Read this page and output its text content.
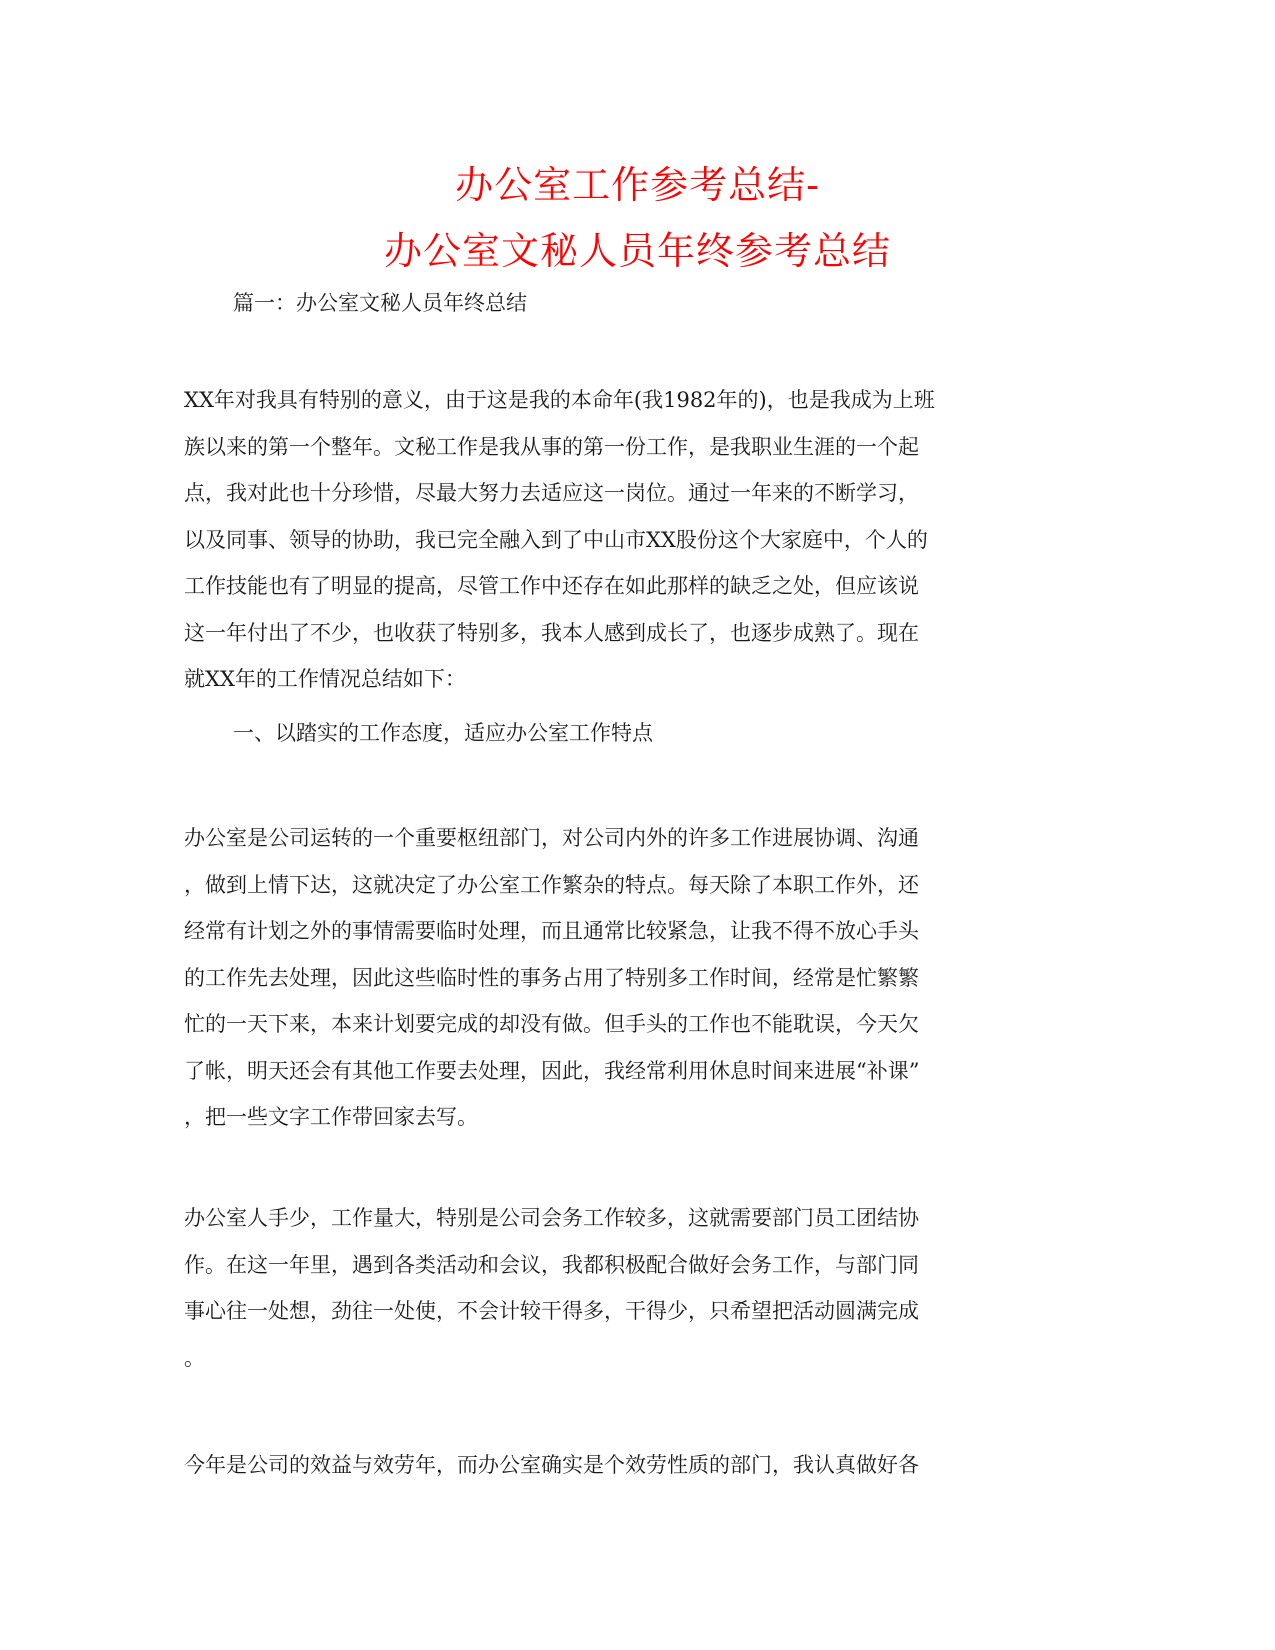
办公室工作参考总结-
办公室文秘人员年终参考总结

篇一：办公室文秘人员年终总结

XX年对我具有特别的意义，由于这是我的本命年(我1982年的)，也是我成为上班
族以来的第一个整年。文秘工作是我从事的第一份工作，是我职业生涯的一个起
点，我对此也十分珍惜，尽最大努力去适应这一岗位。通过一年来的不断学习，
以及同事、领导的协助，我已完全融入到了中山市XX股份这个大家庭中，个人的
工作技能也有了明显的提高，尽管工作中还存在如此那样的缺乏之处，但应该说
这一年付出了不少，也收获了特别多，我本人感到成长了，也逐步成熟了。现在
就XX年的工作情况总结如下：

一、以踏实的工作态度，适应办公室工作特点

办公室是公司运转的一个重要枢纽部门，对公司内外的许多工作进展协调、沟通
，做到上情下达，这就决定了办公室工作繁杂的特点。每天除了本职工作外，还
经常有计划之外的事情需要临时处理，而且通常比较紧急，让我不得不放心手头
的工作先去处理，因此这些临时性的事务占用了特别多工作时间，经常是忙繁繁
忙的一天下来，本来计划要完成的却没有做。但手头的工作也不能耽误，今天欠
了帐，明天还会有其他工作要去处理，因此，我经常利用休息时间来进展“补课”
，把一些文字工作带回家去写。
办公室人手少，工作量大，特别是公司会务工作较多，这就需要部门员工团结协
作。在这一年里，遇到各类活动和会议，我都积极配合做好会务工作，与部门同
事心往一处想，劲往一处使，不会计较干得多，干得少，只希望把活动圆满完成
。
今年是公司的效益与效劳年，而办公室确实是个效劳性质的部门，我认真做好各
